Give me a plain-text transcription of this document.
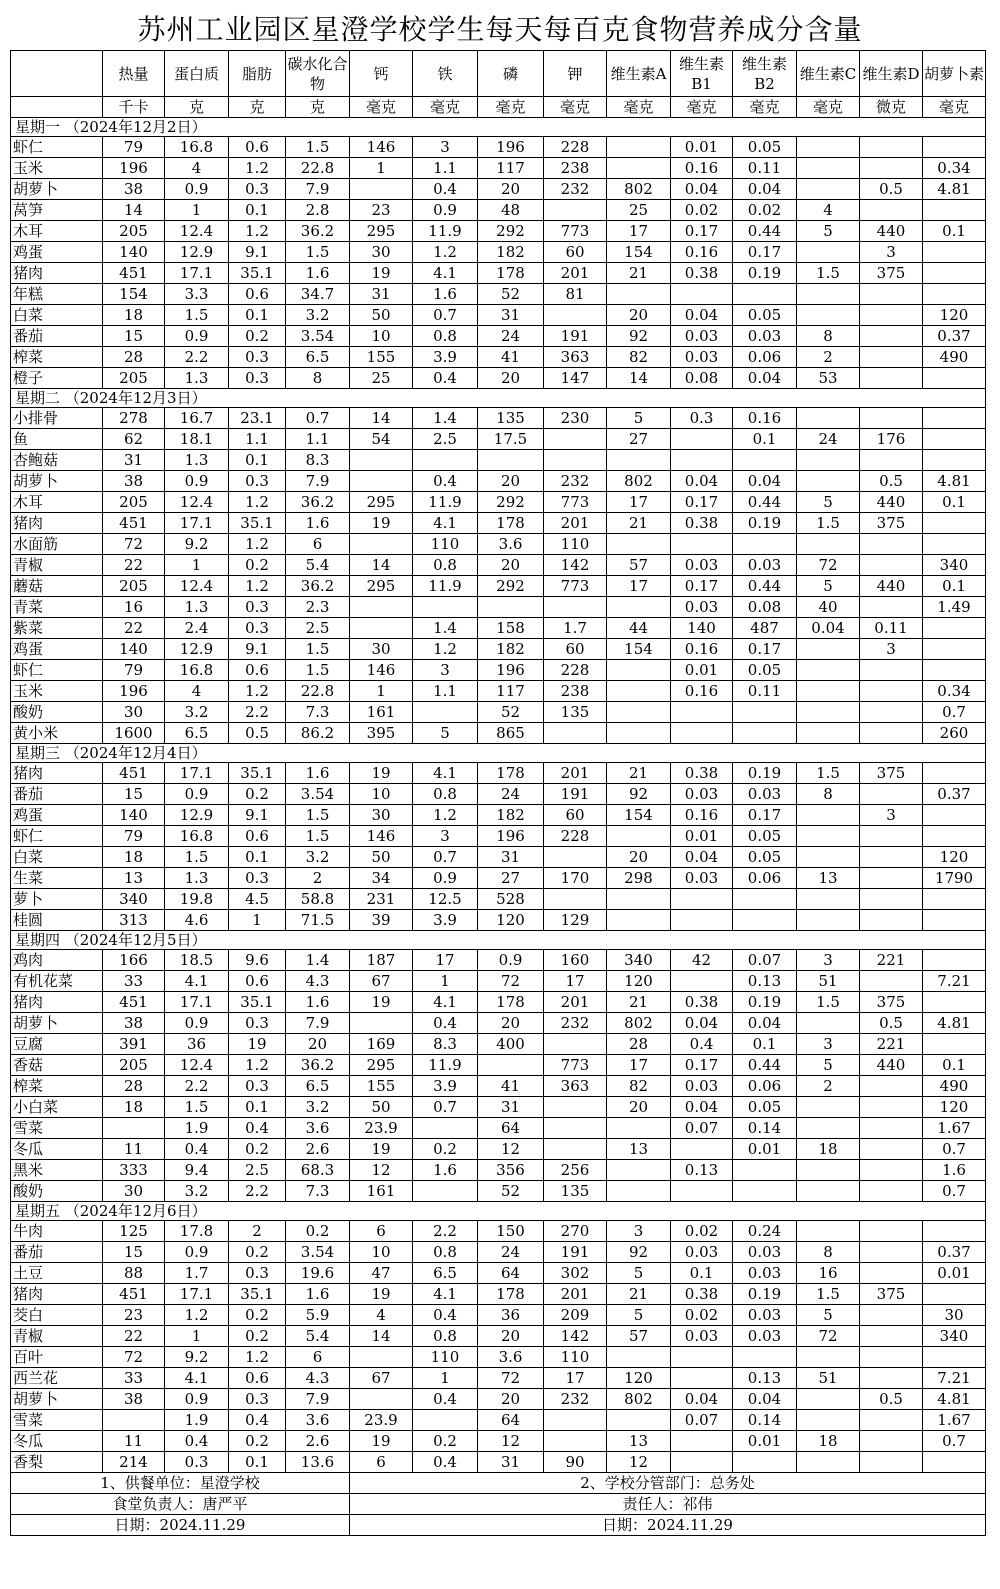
苏州工业园区星澄学校学生每天每百克食物营养成分含量
	热量	蛋白质	脂肪	碳水化合物	钙	铁	磷	钾	维生素A	维生素B1	维生素B2	维生素C	维生素D	胡萝卜素
	千卡	克	克	克	毫克	毫克	毫克	毫克	毫克	毫克	毫克	毫克	微克	毫克
星期一 （2024年12月2日）														
虾仁	79	16.8	0.6	1.5	146	3	196	228		0.01	0.05			
玉米	196	4	1.2	22.8	1	1.1	117	238		0.16	0.11			0.34
胡萝卜	38	0.9	0.3	7.9		0.4	20	232	802	0.04	0.04		0.5	4.81
莴笋	14	1	0.1	2.8	23	0.9	48		25	0.02	0.02	4		
木耳	205	12.4	1.2	36.2	295	11.9	292	773	17	0.17	0.44	5	440	0.1
鸡蛋	140	12.9	9.1	1.5	30	1.2	182	60	154	0.16	0.17		3	
猪肉	451	17.1	35.1	1.6	19	4.1	178	201	21	0.38	0.19	1.5	375	
年糕	154	3.3	0.6	34.7	31	1.6	52	81						
白菜	18	1.5	0.1	3.2	50	0.7	31		20	0.04	0.05			120
番茄	15	0.9	0.2	3.54	10	0.8	24	191	92	0.03	0.03	8		0.37
榨菜	28	2.2	0.3	6.5	155	3.9	41	363	82	0.03	0.06	2		490
橙子	205	1.3	0.3	8	25	0.4	20	147	14	0.08	0.04	53		
星期二 （2024年12月3日）														
小排骨	278	16.7	23.1	0.7	14	1.4	135	230	5	0.3	0.16			
鱼	62	18.1	1.1	1.1	54	2.5	17.5		27		0.1	24	176	
杏鲍菇	31	1.3	0.1	8.3										
胡萝卜	38	0.9	0.3	7.9		0.4	20	232	802	0.04	0.04		0.5	4.81
木耳	205	12.4	1.2	36.2	295	11.9	292	773	17	0.17	0.44	5	440	0.1
猪肉	451	17.1	35.1	1.6	19	4.1	178	201	21	0.38	0.19	1.5	375	
水面筋	72	9.2	1.2	6		110	3.6	110						
青椒	22	1	0.2	5.4	14	0.8	20	142	57	0.03	0.03	72		340
蘑菇	205	12.4	1.2	36.2	295	11.9	292	773	17	0.17	0.44	5	440	0.1
青菜	16	1.3	0.3	2.3						0.03	0.08	40		1.49
紫菜	22	2.4	0.3	2.5		1.4	158	1.7	44	140	487	0.04	0.11	
鸡蛋	140	12.9	9.1	1.5	30	1.2	182	60	154	0.16	0.17		3	
虾仁	79	16.8	0.6	1.5	146	3	196	228		0.01	0.05			
玉米	196	4	1.2	22.8	1	1.1	117	238		0.16	0.11			0.34
酸奶	30	3.2	2.2	7.3	161		52	135						0.7
黄小米	1600	6.5	0.5	86.2	395	5	865							260
星期三 （2024年12月4日）														
猪肉	451	17.1	35.1	1.6	19	4.1	178	201	21	0.38	0.19	1.5	375	
番茄	15	0.9	0.2	3.54	10	0.8	24	191	92	0.03	0.03	8		0.37
鸡蛋	140	12.9	9.1	1.5	30	1.2	182	60	154	0.16	0.17		3	
虾仁	79	16.8	0.6	1.5	146	3	196	228		0.01	0.05			
白菜	18	1.5	0.1	3.2	50	0.7	31		20	0.04	0.05			120
生菜	13	1.3	0.3	2	34	0.9	27	170	298	0.03	0.06	13		1790
萝卜	340	19.8	4.5	58.8	231	12.5	528							
桂圆	313	4.6	1	71.5	39	3.9	120	129						
星期四 （2024年12月5日）														
鸡肉	166	18.5	9.6	1.4	187	17	0.9	160	340	42	0.07	3	221	
有机花菜	33	4.1	0.6	4.3	67	1	72	17	120		0.13	51		7.21
猪肉	451	17.1	35.1	1.6	19	4.1	178	201	21	0.38	0.19	1.5	375	
胡萝卜	38	0.9	0.3	7.9		0.4	20	232	802	0.04	0.04		0.5	4.81
豆腐	391	36	19	20	169	8.3	400		28	0.4	0.1	3	221	
香菇	205	12.4	1.2	36.2	295	11.9		773	17	0.17	0.44	5	440	0.1
榨菜	28	2.2	0.3	6.5	155	3.9	41	363	82	0.03	0.06	2		490
小白菜	18	1.5	0.1	3.2	50	0.7	31		20	0.04	0.05			120
雪菜		1.9	0.4	3.6	23.9		64			0.07	0.14			1.67
冬瓜	11	0.4	0.2	2.6	19	0.2	12		13		0.01	18		0.7
黑米	333	9.4	2.5	68.3	12	1.6	356	256		0.13				1.6
酸奶	30	3.2	2.2	7.3	161		52	135						0.7
星期五 （2024年12月6日）														
牛肉	125	17.8	2	0.2	6	2.2	150	270	3	0.02	0.24			
番茄	15	0.9	0.2	3.54	10	0.8	24	191	92	0.03	0.03	8		0.37
土豆	88	1.7	0.3	19.6	47	6.5	64	302	5	0.1	0.03	16		0.01
猪肉	451	17.1	35.1	1.6	19	4.1	178	201	21	0.38	0.19	1.5	375	
茭白	23	1.2	0.2	5.9	4	0.4	36	209	5	0.02	0.03	5		30
青椒	22	1	0.2	5.4	14	0.8	20	142	57	0.03	0.03	72		340
百叶	72	9.2	1.2	6		110	3.6	110						
西兰花	33	4.1	0.6	4.3	67	1	72	17	120		0.13	51		7.21
胡萝卜	38	0.9	0.3	7.9		0.4	20	232	802	0.04	0.04		0.5	4.81
雪菜		1.9	0.4	3.6	23.9		64			0.07	0.14			1.67
冬瓜	11	0.4	0.2	2.6	19	0.2	12		13		0.01	18		0.7
香梨	214	0.3	0.1	13.6	6	0.4	31	90	12					
1、供餐单位：星澄学校					2、学校分管部门：总务处									
食堂负责人：唐严平					责任人：祁伟									
日期：2024.11.29					日期：2024.11.29									
